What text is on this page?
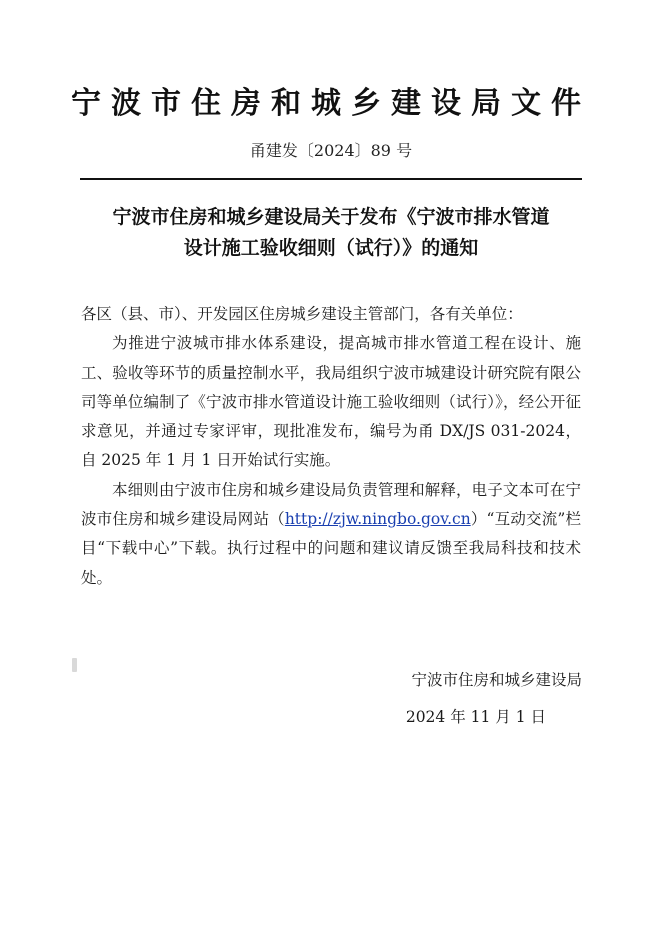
宁波市住房和城乡建设局文件
甬建发〔2024〕89 号
宁波市住房和城乡建设局关于发布《宁波市排水管道
设计施工验收细则（试行）》的通知

各区（县、市）、开发园区住房城乡建设主管部门，各有关单位：

为推进宁波城市排水体系建设，提高城市排水管道工程在设计、施工、验收等环节的质量控制水平，我局组织宁波市城建设计研究院有限公司等单位编制了《宁波市排水管道设计施工验收细则（试行）》，经公开征求意见，并通过专家评审，现批准发布，编号为甬 DX/JS 031-2024，自 2025 年 1 月 1 日开始试行实施。

本细则由宁波市住房和城乡建设局负责管理和解释，电子文本可在宁波市住房和城乡建设局网站（http://zjw.ningbo.gov.cn）“互动交流”栏目“下载中心”下载。执行过程中的问题和建议请反馈至我局科技和技术处。

宁波市住房和城乡建设局
2024 年 11 月 1 日
